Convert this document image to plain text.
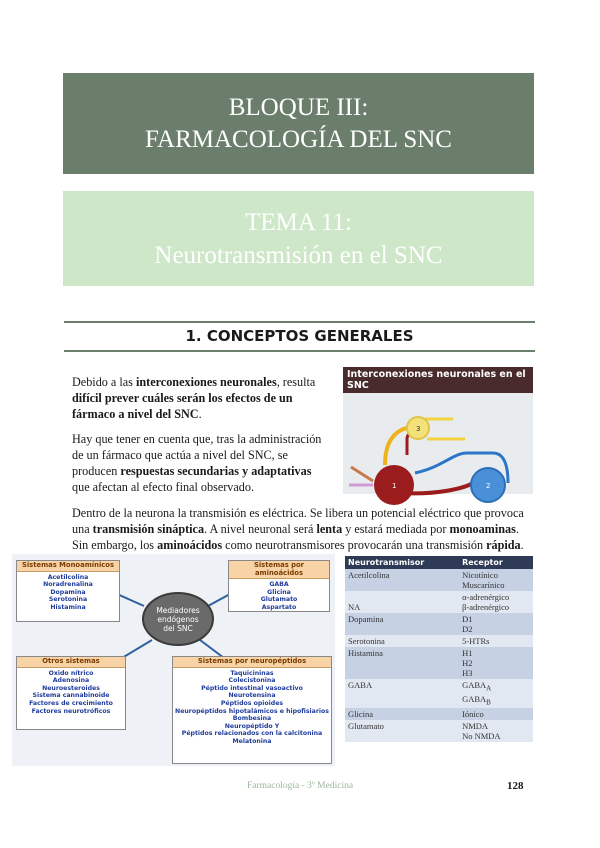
BLOQUE III:
FARMACOLOGÍA DEL SNC
TEMA 11:
Neurotransmisión en el SNC
1. CONCEPTOS GENERALES
Debido a las interconexiones neuronales, resulta difícil prever cuáles serán los efectos de un fármaco a nivel del SNC.
Hay que tener en cuenta que, tras la administración de un fármaco que actúa a nivel del SNC, se producen respuestas secundarias y adaptativas que afectan al efecto final observado.
Interconexiones neuronales en el SNC
1	2
3
Dentro de la neurona la transmisión es eléctrica. Se libera un potencial eléctrico que provoca una transmisión sináptica. A nivel neuronal será lenta y estará mediada por monoaminas. Sin embargo, los aminoácidos como neurotransmisores provocarán una transmisión rápida.
Sistemas Monoamínicos
Acetilcolina
Noradrenalina
Dopamina
Serotonina
Histamina
Sistemas por aminoácidos
GABA
Glicina
Glutamato
Aspartato
Mediadores
endógenos
del SNC
Otros sistemas
Oxido nítrico
Adenosina
Neuroesteroides
Sistema cannabinoide
Factores de crecimiento
Factores neurotróficos
Sistemas por neuropéptidos
Taquicininas
Colecistonina
Péptido intestinal vasoactivo
Neurotensina
Péptidos opioides
Neuropéptidos hipotalámicos e hipofisiarios
Bombesina
Neuropéptido Y
Péptidos relacionados con la calcitonina
Melatonina
Neurotransmisor	Receptor
Acetilcolina	Nicotínico
Muscarínico

NA	α-adrenérgico
β-adrenérgico

Dopamina	D1
D2

Serotonina	5-HTRs

Histamina	H1
H2
H3

GABA	$GABA_A$
$GABA_B$

Glicina	Iónico

Glutamato	NMDA
No NMDA
Farmacología - 3º Medicina	128
